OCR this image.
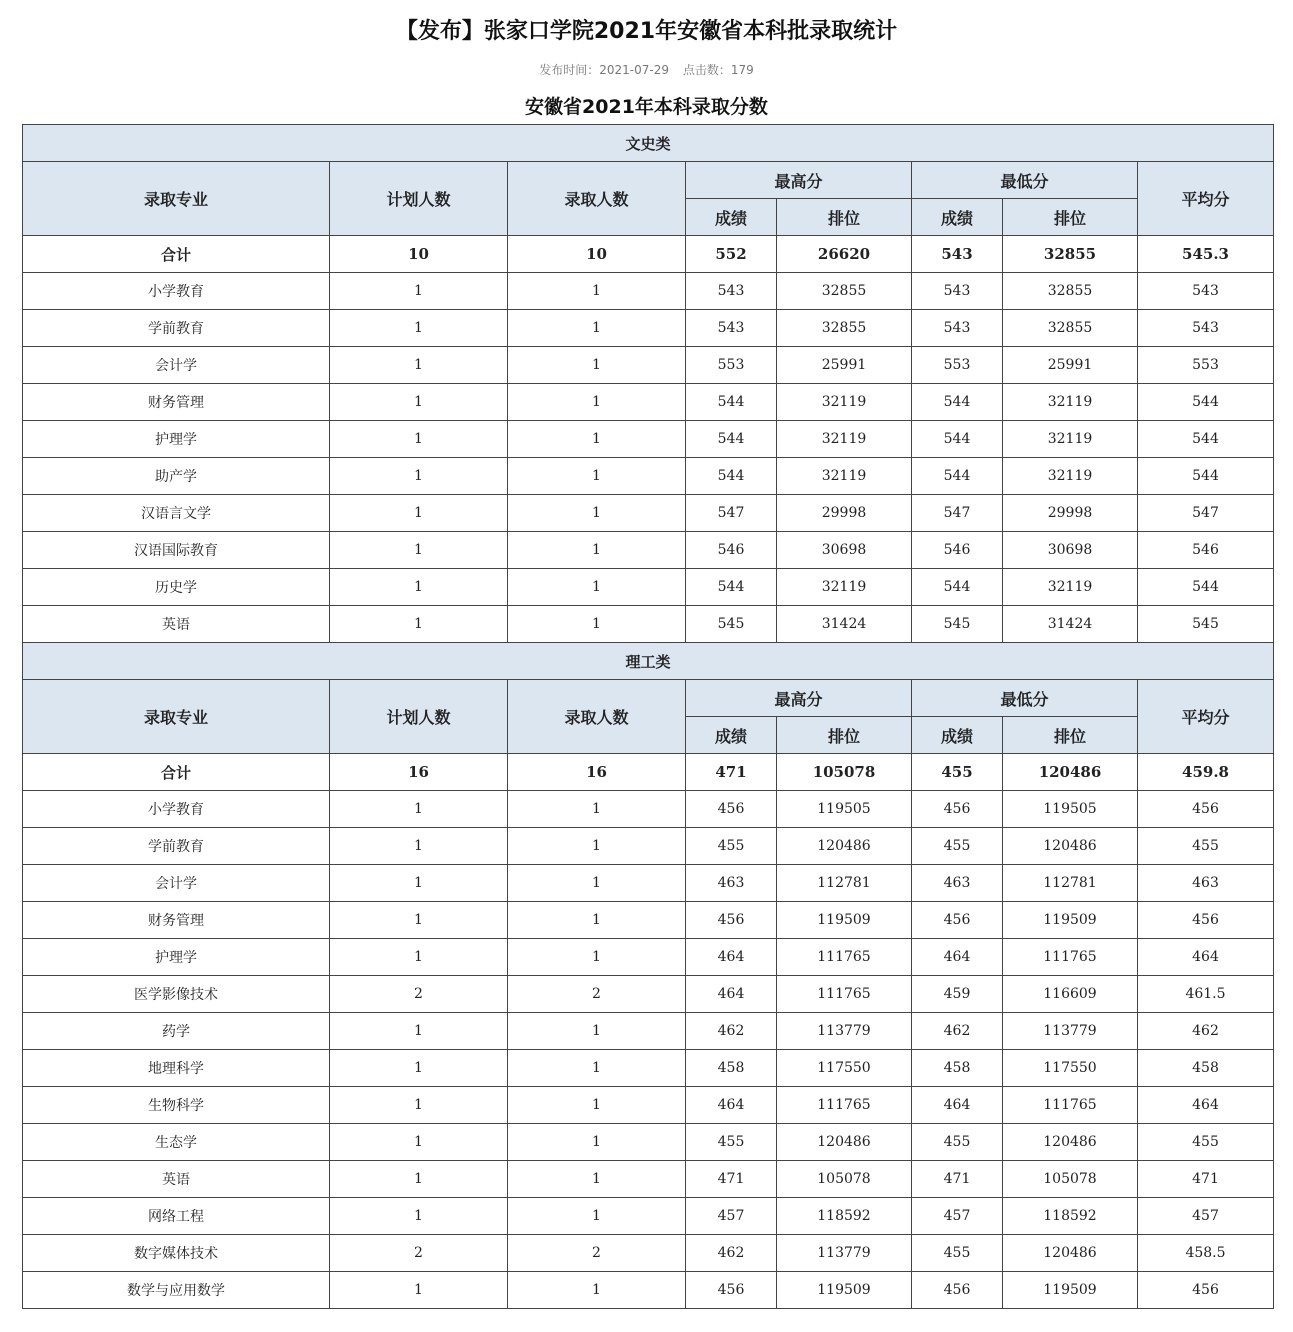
【发布】张家口学院2021年安徽省本科批录取统计
发布时间：2021-07-29 点击数：179
安徽省2021年本科录取分数
文史类							
录取专业	计划人数	录取人数	最高分		最低分		平均分
			成绩	排位	成绩	排位	
合计	10	10	552	26620	543	32855	545.3
小学教育	1	1	543	32855	543	32855	543
学前教育	1	1	543	32855	543	32855	543
会计学	1	1	553	25991	553	25991	553
财务管理	1	1	544	32119	544	32119	544
护理学	1	1	544	32119	544	32119	544
助产学	1	1	544	32119	544	32119	544
汉语言文学	1	1	547	29998	547	29998	547
汉语国际教育	1	1	546	30698	546	30698	546
历史学	1	1	544	32119	544	32119	544
英语	1	1	545	31424	545	31424	545
理工类							
录取专业	计划人数	录取人数	最高分		最低分		平均分
			成绩	排位	成绩	排位	
合计	16	16	471	105078	455	120486	459.8
小学教育	1	1	456	119505	456	119505	456
学前教育	1	1	455	120486	455	120486	455
会计学	1	1	463	112781	463	112781	463
财务管理	1	1	456	119509	456	119509	456
护理学	1	1	464	111765	464	111765	464
医学影像技术	2	2	464	111765	459	116609	461.5
药学	1	1	462	113779	462	113779	462
地理科学	1	1	458	117550	458	117550	458
生物科学	1	1	464	111765	464	111765	464
生态学	1	1	455	120486	455	120486	455
英语	1	1	471	105078	471	105078	471
网络工程	1	1	457	118592	457	118592	457
数字媒体技术	2	2	462	113779	455	120486	458.5
数学与应用数学	1	1	456	119509	456	119509	456
